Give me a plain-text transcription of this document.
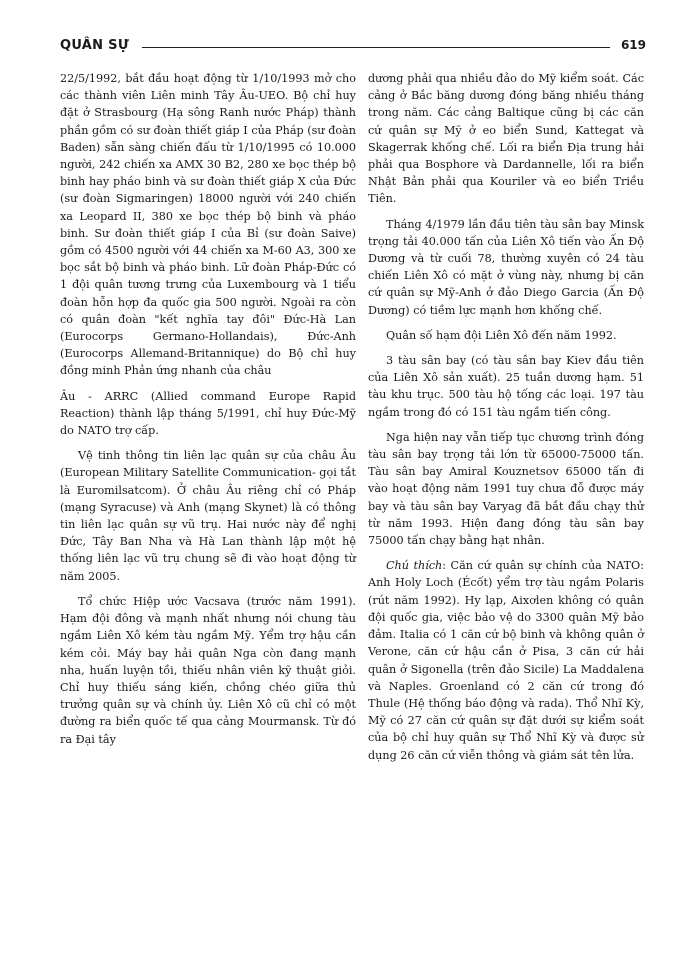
QUÂN SỰ	619

22/5/1992, bắt đầu hoạt động từ 1/10/1993 mở cho các thành viên Liên minh Tây Âu-UEO. Bộ chỉ huy đặt ở Strasbourg (Hạ sông Ranh nước Pháp) thành phần gồm có sư đoàn thiết giáp I của Pháp (sư đoàn Baden) sẵn sàng chiến đấu từ 1/10/1995 có 10.000 người, 242 chiến xa AMX 30 B2, 280 xe bọc thép bộ binh hay pháo binh và sư đoàn thiết giáp X của Đức (sư đoàn Sigmaringen) 18000 người với 240 chiến xa Leopard II, 380 xe bọc thép bộ binh và pháo binh. Sư đoàn thiết giáp I của Bỉ (sư đoàn Saive) gồm có 4500 người với 44 chiến xa M-60 A3, 300 xe bọc sắt bộ binh và pháo binh. Lữ đoàn Pháp-Đức có 1 đội quân tương trưng của Luxembourg và 1 tiểu đoàn hỗn hợp đa quốc gia 500 người. Ngoài ra còn có quân đoàn "kết nghĩa tay đôi" Đức-Hà Lan (Eurocorps Germano-Hollandais), Đức-Anh (Eurocorps Allemand-Britannique) do Bộ chỉ huy đồng minh Phản ứng nhanh của châu

Âu - ARRC (Allied command Europe Rapid Reaction) thành lập tháng 5/1991, chỉ huy Đức-Mỹ do NATO trợ cấp.

Vệ tinh thông tin liên lạc quân sự của châu Âu (European Military Satellite Communication- gọi tắt là Euromilsatcom). Ở châu Âu riêng chỉ có Pháp (mạng Syracuse) và Anh (mạng Skynet) là có thông tin liên lạc quân sự vũ trụ. Hai nước này để nghị Đức, Tây Ban Nha và Hà Lan thành lập một hệ thống liên lạc vũ trụ chung sẽ đi vào hoạt động từ năm 2005.

Tổ chức Hiệp ước Vacsava (trước năm 1991). Hạm đội đông và mạnh nhất nhưng nói chung tàu ngầm Liên Xô kém tàu ngầm Mỹ. Yểm trợ hậu cần kém cỏi. Máy bay hải quân Nga còn đang mạnh nha, huấn luyện tồi, thiếu nhân viên kỹ thuật giỏi. Chỉ huy thiếu sáng kiến, chồng chéo giữa thủ trưởng quân sự và chính ủy. Liên Xô cũ chỉ có một đường ra biển quốc tế qua cảng Mourmansk. Từ đó ra Đại tây

dương phải qua nhiều đảo do Mỹ kiểm soát. Các cảng ở Bắc băng dương đóng băng nhiều tháng trong năm. Các cảng Baltique cũng bị các căn cứ quân sự Mỹ ở eo biển Sund, Kattegat và Skagerrak khống chế. Lối ra biển Địa trung hải phải qua Bosphore và Dardannelle, lối ra biển Nhật Bản phải qua Kouriler và eo biển Triều Tiên.

Tháng 4/1979 lần đầu tiên tàu sân bay Minsk trọng tải 40.000 tấn của Liên Xô tiến vào Ấn Độ Dương và từ cuối 78, thường xuyên có 24 tàu chiến Liên Xô có mặt ở vùng này, nhưng bị căn cứ quân sự Mỹ-Anh ở đảo Diego Garcia (Ấn Độ Dương) có tiềm lực mạnh hơn khống chế.

Quân số hạm đội Liên Xô đến năm 1992.

3 tàu sân bay (có tàu sân bay Kiev đầu tiên của Liên Xô sản xuất). 25 tuần dương hạm. 51 tàu khu trục. 500 tàu hộ tống các loại. 197 tàu ngầm trong đó có 151 tàu ngầm tiến công.

Nga hiện nay vẫn tiếp tục chương trình đóng tàu sân bay trọng tải lớn từ 65000-75000 tấn. Tàu sân bay Amiral Kouznetsov 65000 tấn đi vào hoạt động năm 1991 tuy chưa đỗ được máy bay và tàu sân bay Varyag đã bắt đầu chạy thử từ năm 1993. Hiện đang đóng tàu sân bay 75000 tấn chạy bằng hạt nhân.

Chú thích: Căn cứ quân sự chính của NATO: Anh Holy Loch (Écốt) yểm trợ tàu ngầm Polaris (rút năm 1992). Hy lạp, Aixơlen không có quân đội quốc gia, việc bảo vệ do 3300 quân Mỹ bảo đảm. Italia có 1 căn cứ bộ binh và không quân ở Verone, căn cứ hậu cần ở Pisa, 3 căn cứ hải quân ở Sigonella (trên đảo Sicile) La Maddalena và Naples. Groenland có 2 căn cứ trong đó Thule (Hệ thống báo động và rada). Thổ Nhĩ Kỳ, Mỹ có 27 căn cứ quân sự đặt dưới sự kiểm soát của bộ chỉ huy quân sự Thổ Nhĩ Kỳ và được sử dụng 26 căn cứ viễn thông và giám sát tên lửa.
